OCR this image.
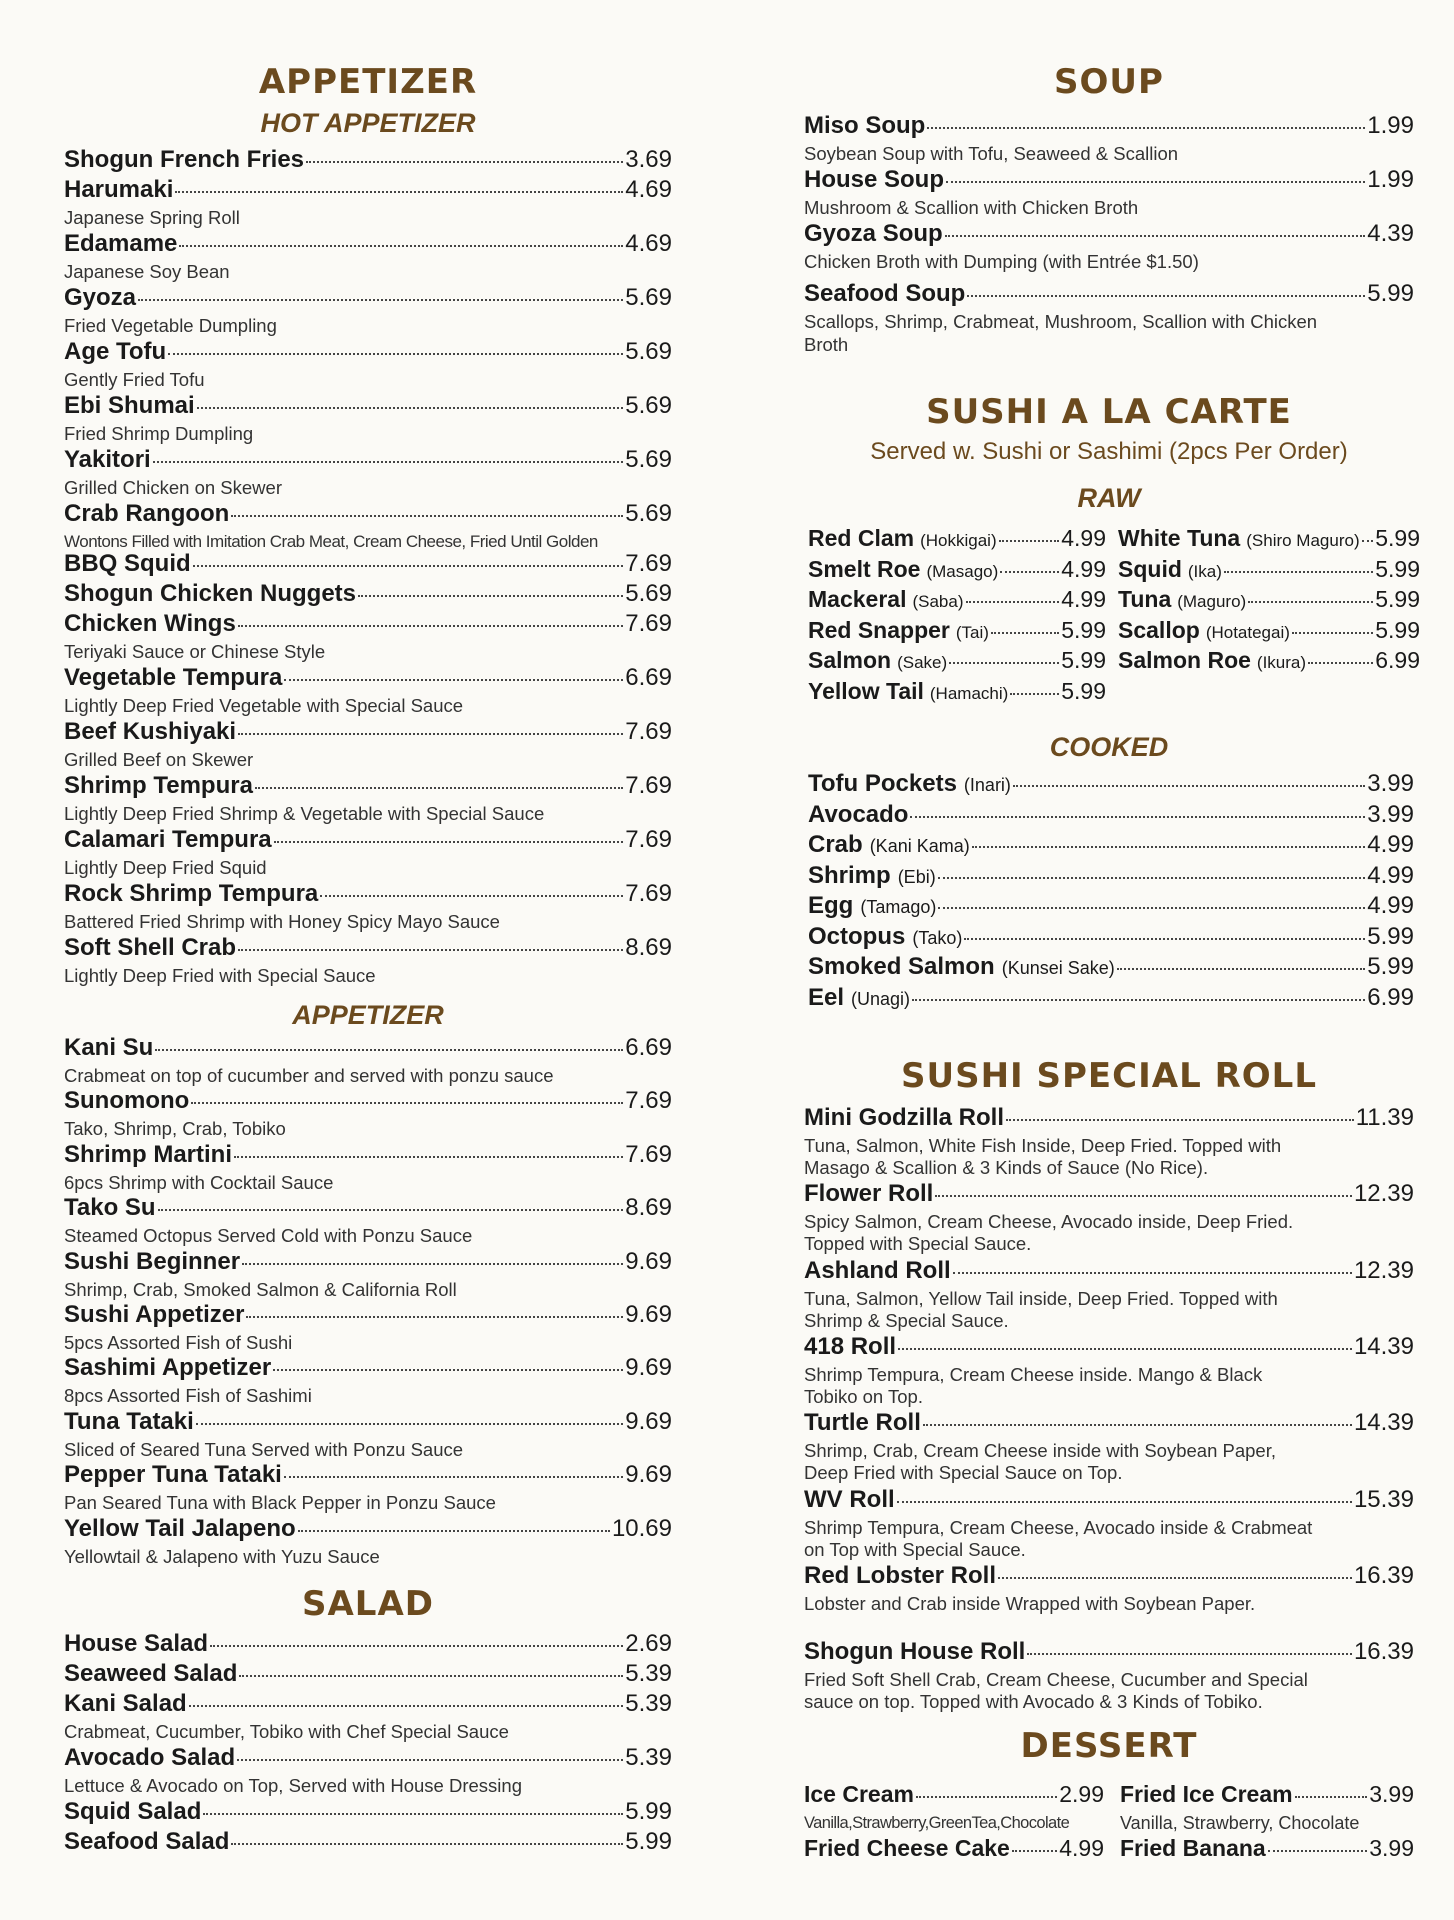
APPETIZER
HOT APPETIZER
Shogun French Fries	3.69
Harumaki	4.69
Japanese Spring Roll
Edamame	4.69
Japanese Soy Bean
Gyoza	5.69
Fried Vegetable Dumpling
Age Tofu	5.69
Gently Fried Tofu
Ebi Shumai	5.69
Fried Shrimp Dumpling
Yakitori	5.69
Grilled Chicken on Skewer
Crab Rangoon	5.69
Wontons Filled with Imitation Crab Meat, Cream Cheese, Fried Until Golden
BBQ Squid	7.69
Shogun Chicken Nuggets	5.69
Chicken Wings	7.69
Teriyaki Sauce or Chinese Style
Vegetable Tempura	6.69
Lightly Deep Fried Vegetable with Special Sauce
Beef Kushiyaki	7.69
Grilled Beef on Skewer
Shrimp Tempura	7.69
Lightly Deep Fried Shrimp & Vegetable with Special Sauce
Calamari Tempura	7.69
Lightly Deep Fried Squid
Rock Shrimp Tempura	7.69
Battered Fried Shrimp with Honey Spicy Mayo Sauce
Soft Shell Crab	8.69
Lightly Deep Fried with Special Sauce
APPETIZER
Kani Su	6.69
Crabmeat on top of cucumber and served with ponzu sauce
Sunomono	7.69
Tako, Shrimp, Crab, Tobiko
Shrimp Martini	7.69
6pcs Shrimp with Cocktail Sauce
Tako Su	8.69
Steamed Octopus Served Cold with Ponzu Sauce
Sushi Beginner	9.69
Shrimp, Crab, Smoked Salmon & California Roll
Sushi Appetizer	9.69
5pcs Assorted Fish of Sushi
Sashimi Appetizer	9.69
8pcs Assorted Fish of Sashimi
Tuna Tataki	9.69
Sliced of Seared Tuna Served with Ponzu Sauce
Pepper Tuna Tataki	9.69
Pan Seared Tuna with Black Pepper in Ponzu Sauce
Yellow Tail Jalapeno	10.69
Yellowtail & Jalapeno with Yuzu Sauce
SALAD
House Salad	2.69
Seaweed Salad	5.39
Kani Salad	5.39
Crabmeat, Cucumber, Tobiko with Chef Special Sauce
Avocado Salad	5.39
Lettuce & Avocado on Top, Served with House Dressing
Squid Salad	5.99
Seafood Salad	5.99
SOUP
Miso Soup	1.99
Soybean Soup with Tofu, Seaweed & Scallion
House Soup	1.99
Mushroom & Scallion with Chicken Broth
Gyoza Soup	4.39
Chicken Broth with Dumping (with Entrée $1.50)
Seafood Soup	5.99
Scallops, Shrimp, Crabmeat, Mushroom, Scallion with Chicken Broth
SUSHI A LA CARTE
Served w. Sushi or Sashimi (2pcs Per Order)
RAW
Red Clam (Hokkigai)	4.99
Smelt Roe (Masago)	4.99
Mackeral (Saba)	4.99
Red Snapper (Tai)	5.99
Salmon (Sake)	5.99
Yellow Tail (Hamachi) 5.99
White Tuna (Shiro Maguro) 5.99
Squid (Ika)	5.99
Tuna (Maguro)	5.99
Scallop (Hotategai)	5.99
Salmon Roe (Ikura)	6.99
COOKED
Tofu Pockets (Inari)	3.99
Avocado	3.99
Crab (Kani Kama)	4.99
Shrimp (Ebi)	4.99
Egg (Tamago)	4.99
Octopus (Tako)	5.99
Smoked Salmon (Kunsei Sake)	5.99
Eel (Unagi)	6.99
SUSHI SPECIAL ROLL
Mini Godzilla Roll	11.39
Tuna, Salmon, White Fish Inside, Deep Fried. Topped with
Masago & Scallion & 3 Kinds of Sauce (No Rice).
Flower Roll	12.39
Spicy Salmon, Cream Cheese, Avocado inside, Deep Fried.
Topped with Special Sauce.
Ashland Roll	12.39
Tuna, Salmon, Yellow Tail inside, Deep Fried. Topped with
Shrimp & Special Sauce.
418 Roll	14.39
Shrimp Tempura, Cream Cheese inside. Mango & Black
Tobiko on Top.
Turtle Roll	14.39
Shrimp, Crab, Cream Cheese inside with Soybean Paper,
Deep Fried with Special Sauce on Top.
WV Roll	15.39
Shrimp Tempura, Cream Cheese, Avocado inside & Crabmeat
on Top with Special Sauce.
Red Lobster Roll	16.39
Lobster and Crab inside Wrapped with Soybean Paper.
Shogun House Roll	16.39
Fried Soft Shell Crab, Cream Cheese, Cucumber and Special
sauce on top. Topped with Avocado & 3 Kinds of Tobiko.
DESSERT
Ice Cream	2.99
Vanilla,Strawberry,GreenTea,Chocolate
Fried Cheese Cake 4.99
Fried Ice Cream	3.99
Vanilla, Strawberry, Chocolate
Fried Banana	3.99
